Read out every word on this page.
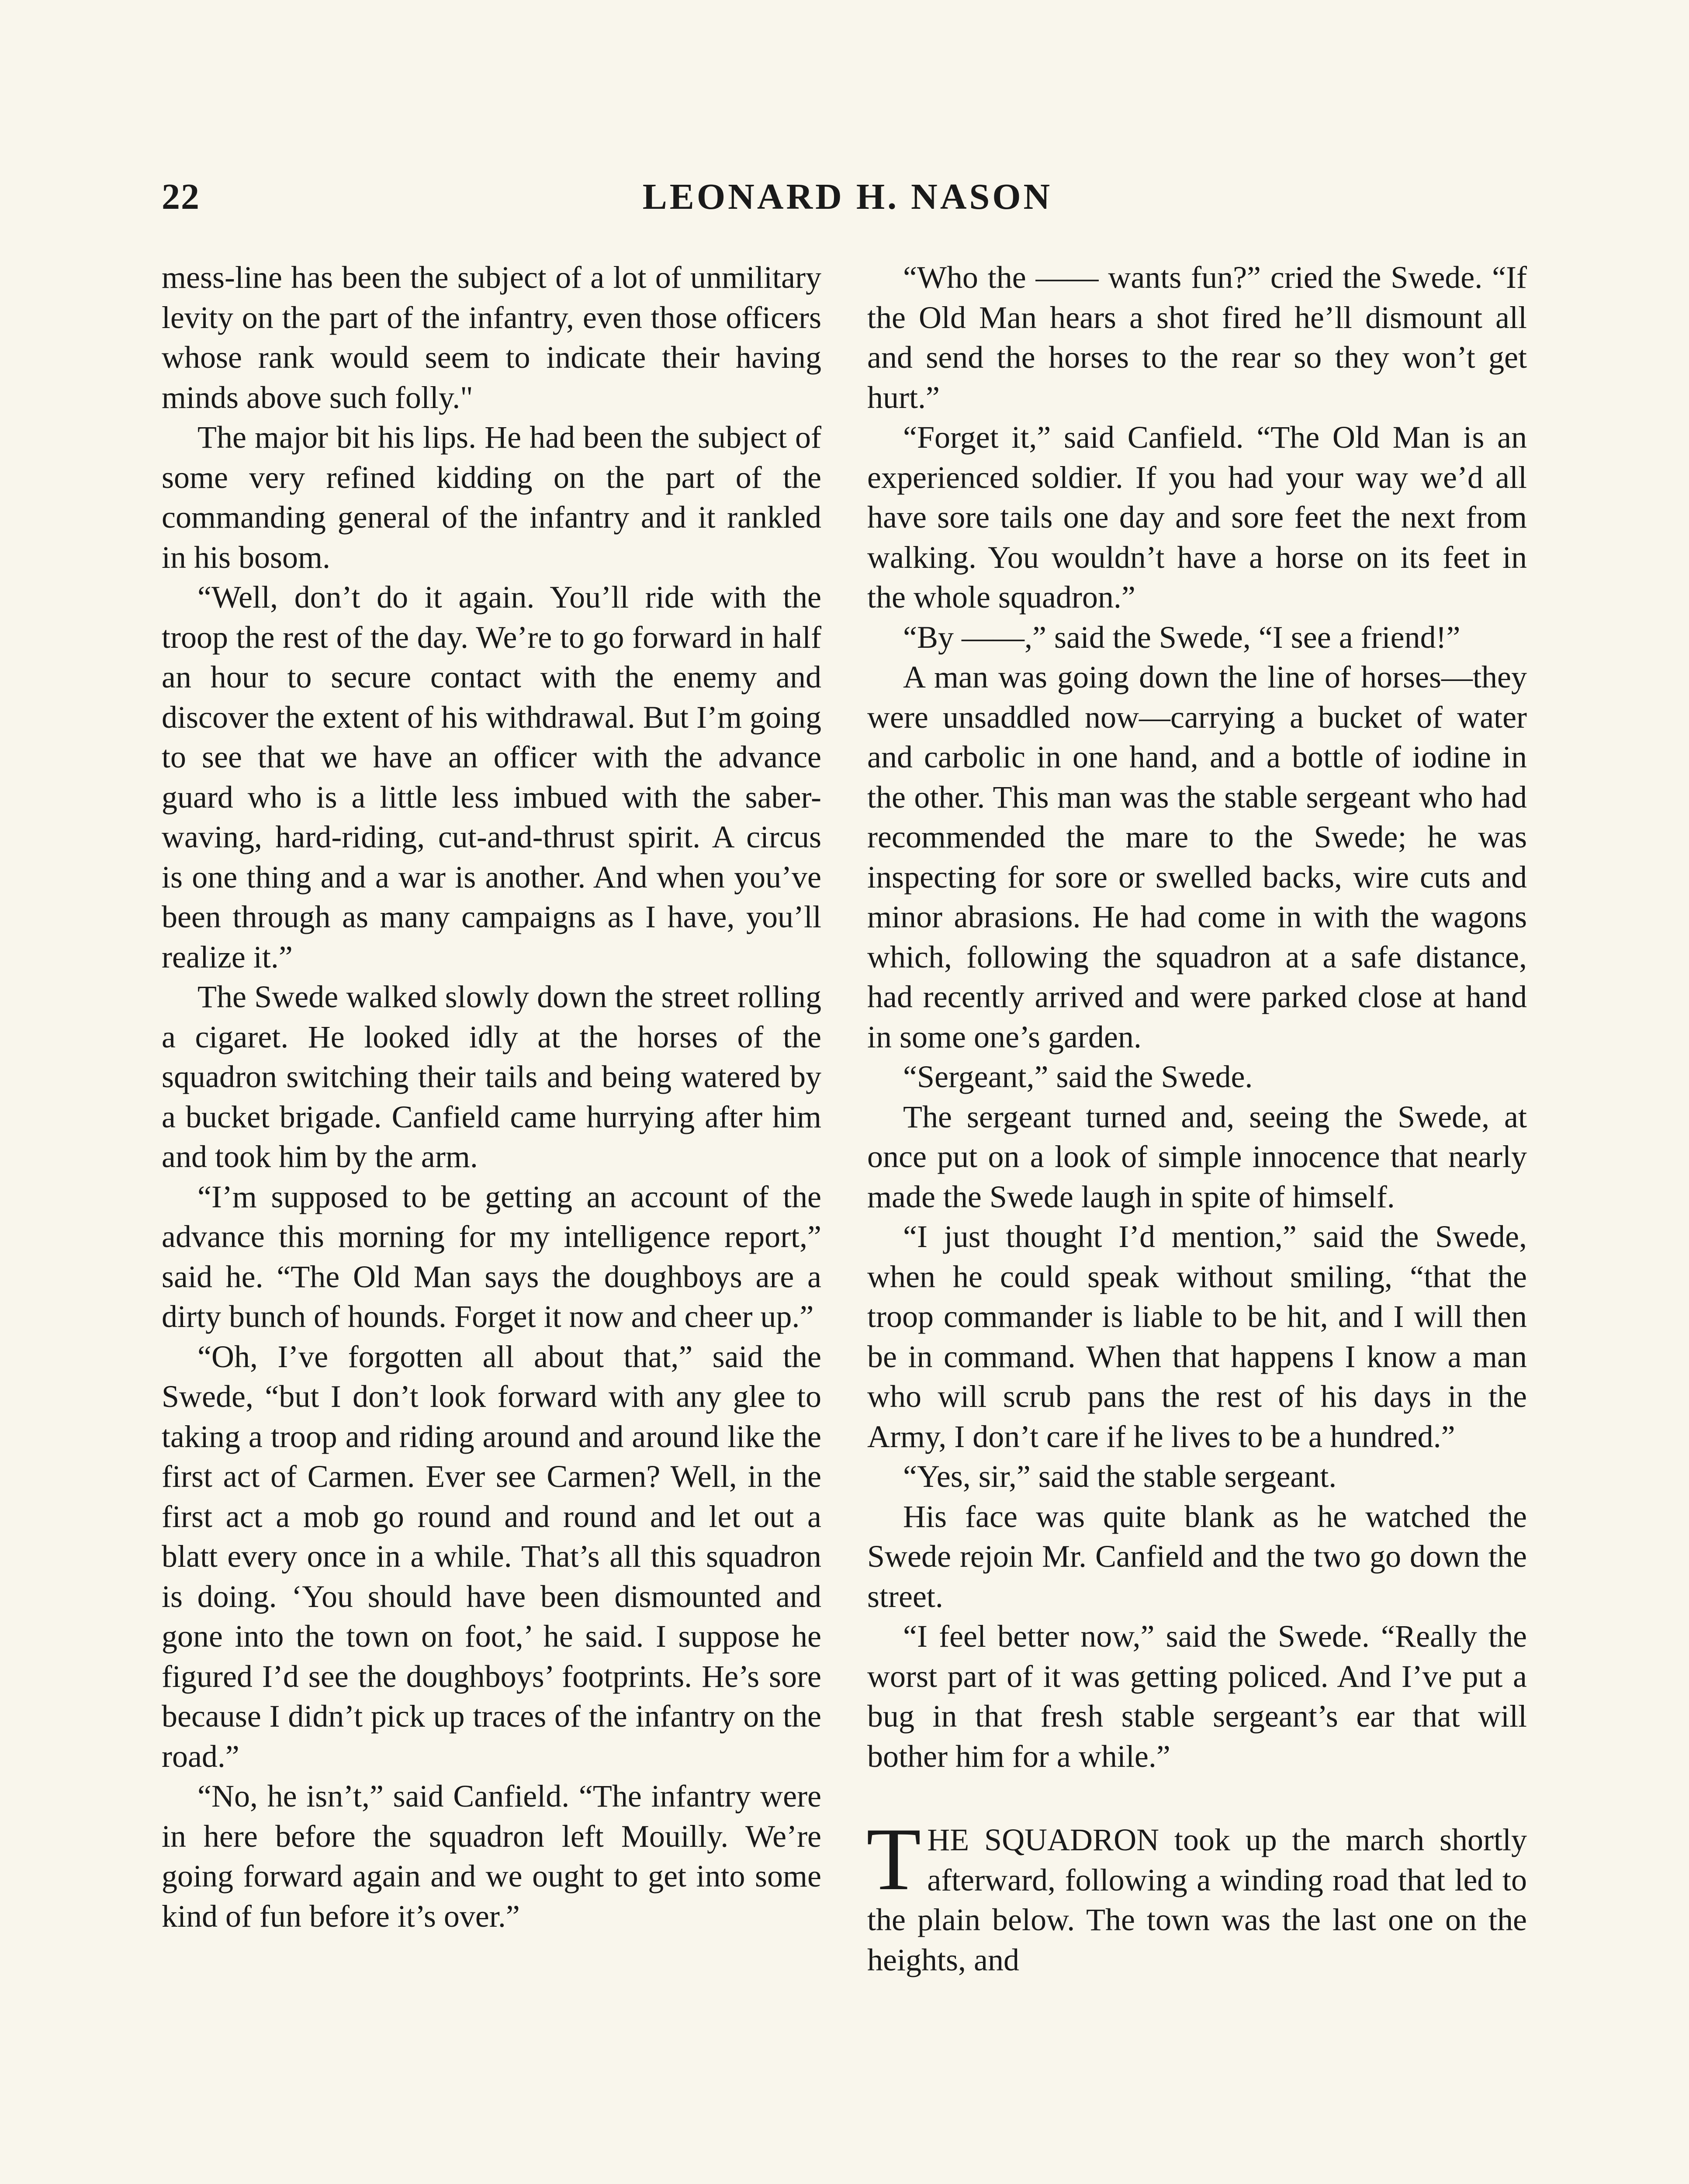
22	LEONARD H. NASON

mess-line has been the subject of a lot of unmilitary levity on the part of the infantry, even those officers whose rank would seem to indicate their having minds above such folly."

The major bit his lips. He had been the subject of some very refined kidding on the part of the commanding general of the infantry and it rankled in his bosom.

“Well, don’t do it again. You’ll ride with the troop the rest of the day. We’re to go forward in half an hour to secure contact with the enemy and discover the extent of his withdrawal. But I’m going to see that we have an officer with the advance guard who is a little less imbued with the saber-waving, hard-riding, cut-and-thrust spirit. A circus is one thing and a war is another. And when you’ve been through as many campaigns as I have, you’ll realize it.”

The Swede walked slowly down the street rolling a cigaret. He looked idly at the horses of the squadron switching their tails and being watered by a bucket brigade. Canfield came hurrying after him and took him by the arm.

“I’m supposed to be getting an account of the advance this morning for my intelligence report,” said he. “The Old Man says the doughboys are a dirty bunch of hounds. Forget it now and cheer up.”

“Oh, I’ve forgotten all about that,” said the Swede, “but I don’t look forward with any glee to taking a troop and riding around and around like the first act of Carmen. Ever see Carmen? Well, in the first act a mob go round and round and let out a blatt every once in a while. That’s all this squadron is doing. ‘You should have been dismounted and gone into the town on foot,’ he said. I suppose he figured I’d see the doughboys’ footprints. He’s sore because I didn’t pick up traces of the infantry on the road.”

“No, he isn’t,” said Canfield. “The infantry were in here before the squadron left Mouilly. We’re going forward again and we ought to get into some kind of fun before it’s over.”

“Who the —— wants fun?” cried the Swede. “If the Old Man hears a shot fired he’ll dismount all and send the horses to the rear so they won’t get hurt.”

“Forget it,” said Canfield. “The Old Man is an experienced soldier. If you had your way we’d all have sore tails one day and sore feet the next from walking. You wouldn’t have a horse on its feet in the whole squadron.”

“By ——,” said the Swede, “I see a friend!”

A man was going down the line of horses—they were unsaddled now—carrying a bucket of water and carbolic in one hand, and a bottle of iodine in the other. This man was the stable sergeant who had recommended the mare to the Swede; he was inspecting for sore or swelled backs, wire cuts and minor abrasions. He had come in with the wagons which, following the squadron at a safe distance, had recently arrived and were parked close at hand in some one’s garden.

“Sergeant,” said the Swede.

The sergeant turned and, seeing the Swede, at once put on a look of simple innocence that nearly made the Swede laugh in spite of himself.

“I just thought I’d mention,” said the Swede, when he could speak without smiling, “that the troop commander is liable to be hit, and I will then be in command. When that happens I know a man who will scrub pans the rest of his days in the Army, I don’t care if he lives to be a hundred.”

“Yes, sir,” said the stable sergeant.

His face was quite blank as he watched the Swede rejoin Mr. Canfield and the two go down the street.

“I feel better now,” said the Swede. “Really the worst part of it was getting policed. And I’ve put a bug in that fresh stable sergeant’s ear that will bother him for a while.”

THE SQUADRON took up the march shortly afterward, following a winding road that led to the plain below. The town was the last one on the heights, and
